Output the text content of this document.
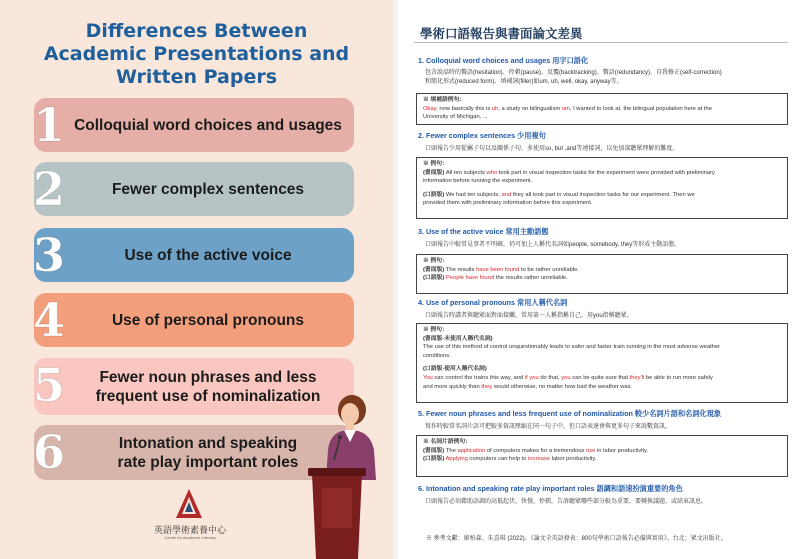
Differences Between
Academic Presentations and
Written Papers
1 Colloquial word choices and usages
2	Fewer complex sentences
3	Use of the active voice
4	Use of personal pronouns
5	Fewer noun phrases and less
frequent use of nominalization
6	Intonation and speaking
rate play important roles
英語學術素養中心
Center for Academic Literacy
學術口語報告與書面論文差異
1. Colloquial word choices and usages 用字口語化
包含說話時的贅語(hesitation)、停頓(pause)、反覆(backtracking)、贅語(redundancy)、自我修正(self-correction)
和簡化形式(reduced form)、填補詞(filler)如um, uh, well, okay, anyway等。
※ 填補語例句：
Okay, now basically this is uh, a study on bilingualism um, I wanted to look at, the bilingual population here at the
University of Michigan, ...
2. Fewer complex sentences 少用複句
口頭報告少用從屬子句以及關係子句，多使用so, but ,and等連接詞，以免加深聽眾理解的難度。
※ 例句：
(書面版) All ten subjects who took part in visual inspection tasks for the experiment were provided with preliminary
information before running the experiment.
(口語版) We had ten subjects, and they all took part in visual inspection tasks for our experiment. Then we
provided them with preliminary information before this experiment.
3. Use of the active voice 常用主動語態
口頭報告中較常見事者不明確，仍可加上人稱代名詞如people, somebody, they等形成主動語態。
※ 例句：
(書面版) The results have been found to be rather unreliable.
(口語版) People have found the results rather unreliable.
4. Use of personal pronouns 常用人稱代名詞
口頭報告時講者與聽眾面對面接觸，常用第一人稱指稱自己，用you指稱聽眾。
※ 例句：
(書面版-未使用人稱代名詞)
The use of this method of control unquestionably leads to safer and faster train running in the most adverse weather
conditions.
(口語版-使用人稱代名詞)
You can control the trains this way, and if you do that, you can be quite sure that they'll be able to run more safely
and more quickly than they would otherwise, no matter how bad the weather was.
5. Fewer noun phrases and less frequent use of nominalization 較少名詞片語和名詞化現象
寫作時較常名詞片語可把較多資訊壓縮在同一句子中，但口語表達會與更多句子來說數資訊。
※ 名詞片語例句：
(書面版) The application of computers makes for a tremendous rise in labor productivity.
(口語版) Applying computers can help to increase labor productivity.
6. Intonation and speaking rate play important roles 語調和語速扮演重要的角色
口頭報告必須藉助語調的高低起伏、快慢、停頓，告訴聽眾哪些部分較為重要，要轉換議題、或結束訊息。
※ 參考文獻：廖柏森、朱喜琪 (2022)。《論文全英語發表：800句學術口語報告必備與實用》。台北：眾文出版社。
